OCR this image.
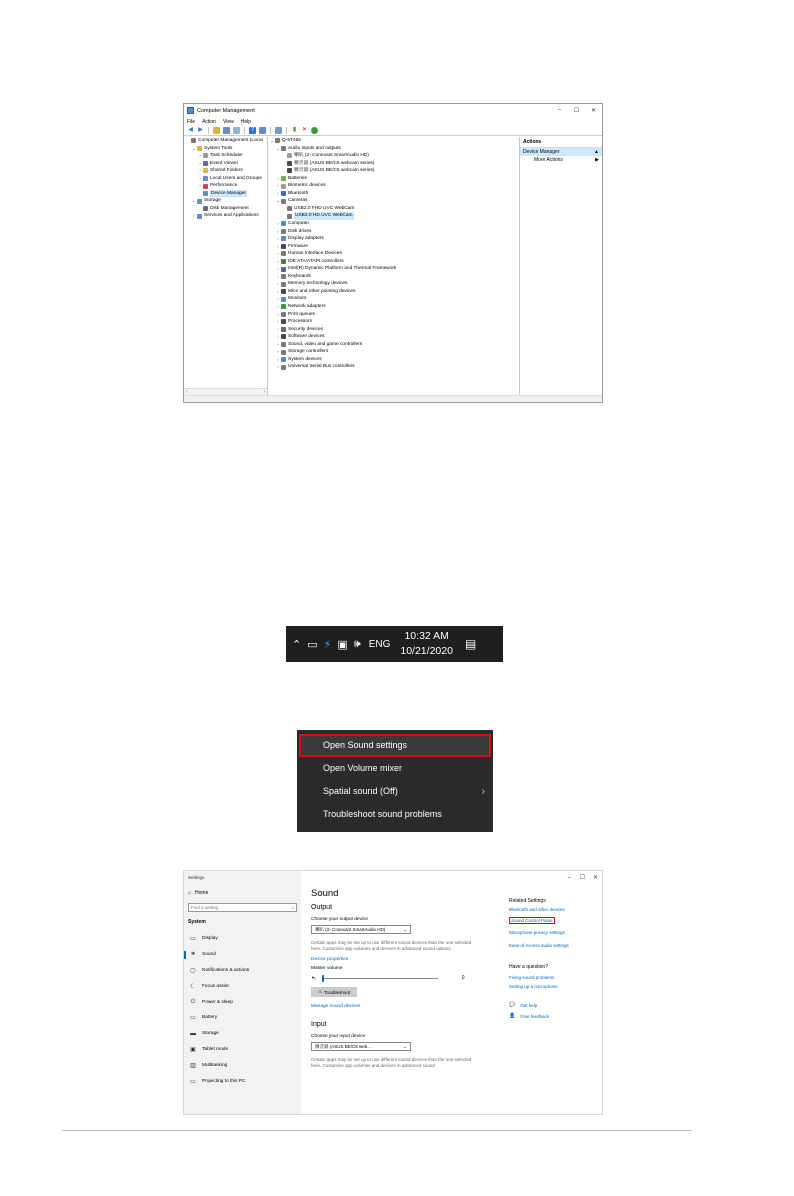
Computer Management	–	☐	✕
File Action View Help
◀ ▶	?	▮ ✕
Computer Management (Local
⌄ System Tools
›	Task Scheduler
›	Event Viewer
›	Shared Folders
›	Local Users and Groups
›	Performance
Device Manager
⌄ Storage
Disk Management
›	Services and Applications
‹	›
⌄ Q-5T465
⌄ Audio inputs and outputs
喇叭 (2- Conexant SmartAudio HD)
擴音器 (ASUS BE/C6 webcam series)
擴音器 (ASUS BE/C6 webcam series)
›	Batteries
›	Biometric devices
›	Bluetooth
⌄ Cameras
USB2.0 FHD UVC WebCam
USB2.0 HD UVC WebCam
›	Computer
›	Disk drives
›	Display adapters
›	Firmware
›	Human Interface Devices
›	IDE ATA/ATAPI controllers
›	Intel(R) Dynamic Platform and Thermal Framework
›	Keyboards
›	Memory technology devices
›	Mice and other pointing devices
›	Monitors
›	Network adapters
›	Print queues
›	Processors
›	Security devices
›	Software devices
›	Sound, video and game controllers
›	Storage controllers
›	System devices
›	Universal Serial Bus controllers
Actions
Device Manager	▲
More Actions	▶
⌃ ▭ ⚡ ▣ 🕪 ENG
10:32 AM
10/21/2020 ▤
Open Sound settings
Open Volume mixer
Spatial sound (Off)	›
Troubleshoot sound problems
Settings
⌂ Home
Find a setting	⌕
System
▭	Display
🕪	Sound
▢	Notifications & actions
☾	Focus assist
⏻	Power & sleep
▭	Battery
▬	Storage
▣	Tablet mode
▥	Multitasking
▭	Projecting to this PC
–	☐	✕
Sound
Output
Choose your output device
喇叭 (2- Conexant SmartAudio HD)	⌄
Certain apps may be set up to use different sound devices than the one selected here. Customize app volumes and devices in advanced sound options.
Device properties
Master volume
🕨ₓ	0
⚠ Troubleshoot
Manage sound devices
Input
Choose your input device
擴音器 (ASUS BE/C6 web...	⌄
Certain apps may be set up to use different sound devices than the one selected here. Customize app volumes and devices in advanced sound
Related Settings
Bluetooth and other devices
Sound Control Panel
Microphone privacy settings
Ease of Access audio settings
Have a question?
Fixing sound problems
Setting up a microphone
💬 Get help
👤 Give feedback
